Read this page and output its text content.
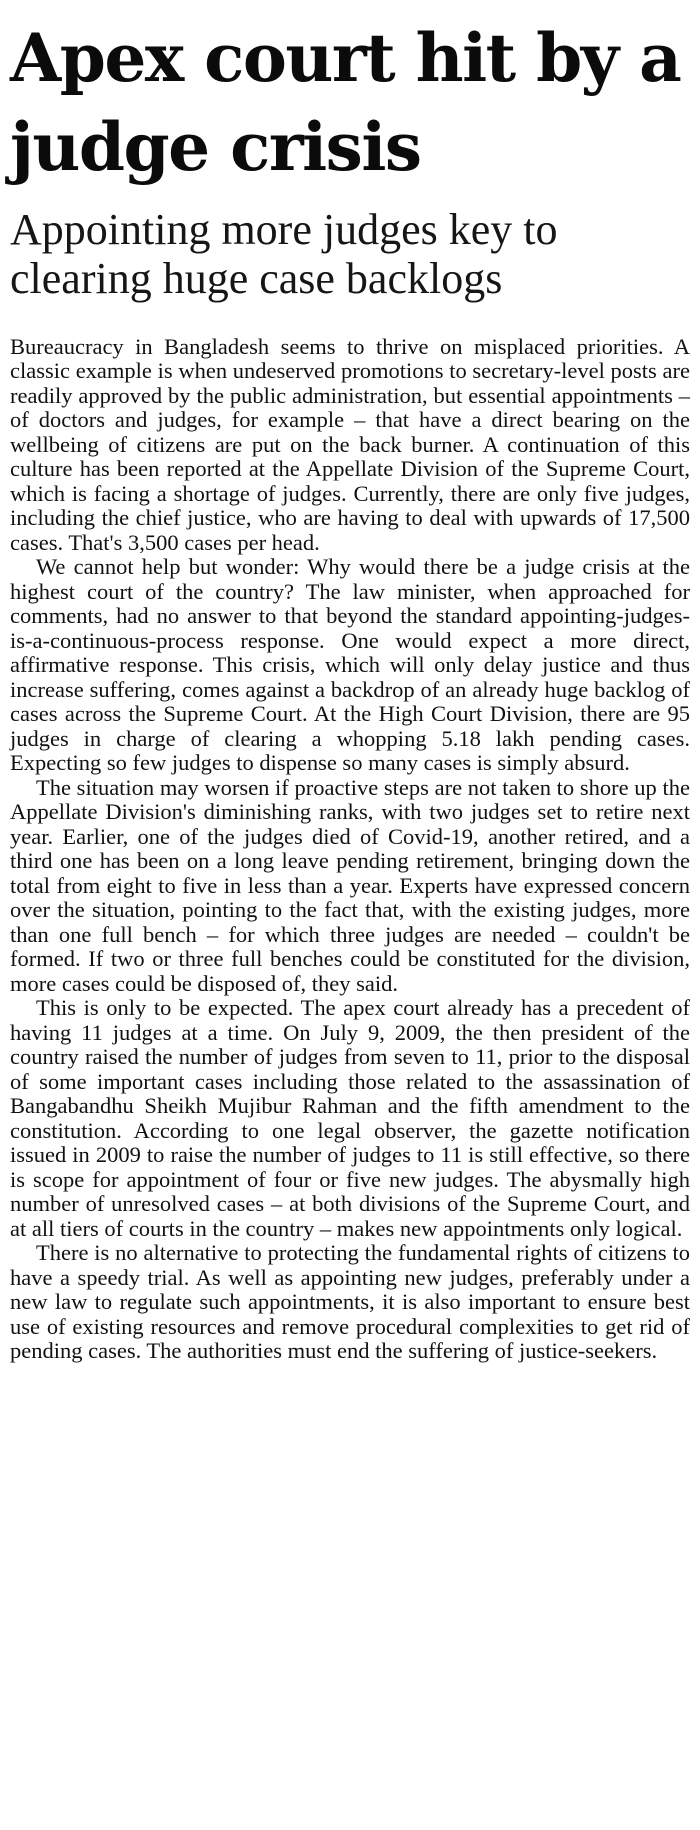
Apex court hit by a judge crisis
Appointing more judges key to clearing huge case backlogs

Bureaucracy in Bangladesh seems to thrive on misplaced priorities. A classic example is when undeserved promotions to secretary-level posts are readily approved by the public administration, but essential appointments – of doctors and judges, for example – that have a direct bearing on the wellbeing of citizens are put on the back burner. A continuation of this culture has been reported at the Appellate Division of the Supreme Court, which is facing a shortage of judges. Currently, there are only five judges, including the chief justice, who are having to deal with upwards of 17,500 cases. That's 3,500 cases per head.

We cannot help but wonder: Why would there be a judge crisis at the highest court of the country? The law minister, when approached for comments, had no answer to that beyond the standard appointing-judges-is-a-continuous-process response. One would expect a more direct, affirmative response. This crisis, which will only delay justice and thus increase suffering, comes against a backdrop of an already huge backlog of cases across the Supreme Court. At the High Court Division, there are 95 judges in charge of clearing a whopping 5.18 lakh pending cases. Expecting so few judges to dispense so many cases is simply absurd.

The situation may worsen if proactive steps are not taken to shore up the Appellate Division's diminishing ranks, with two judges set to retire next year. Earlier, one of the judges died of Covid-19, another retired, and a third one has been on a long leave pending retirement, bringing down the total from eight to five in less than a year. Experts have expressed concern over the situation, pointing to the fact that, with the existing judges, more than one full bench – for which three judges are needed – couldn't be formed. If two or three full benches could be constituted for the division, more cases could be disposed of, they said.

This is only to be expected. The apex court already has a precedent of having 11 judges at a time. On July 9, 2009, the then president of the country raised the number of judges from seven to 11, prior to the disposal of some important cases including those related to the assassination of Bangabandhu Sheikh Mujibur Rahman and the fifth amendment to the constitution. According to one legal observer, the gazette notification issued in 2009 to raise the number of judges to 11 is still effective, so there is scope for appointment of four or five new judges. The abysmally high number of unresolved cases – at both divisions of the Supreme Court, and at all tiers of courts in the country – makes new appointments only logical.

There is no alternative to protecting the fundamental rights of citizens to have a speedy trial. As well as appointing new judges, preferably under a new law to regulate such appointments, it is also important to ensure best use of existing resources and remove procedural complexities to get rid of pending cases. The authorities must end the suffering of justice-seekers.
